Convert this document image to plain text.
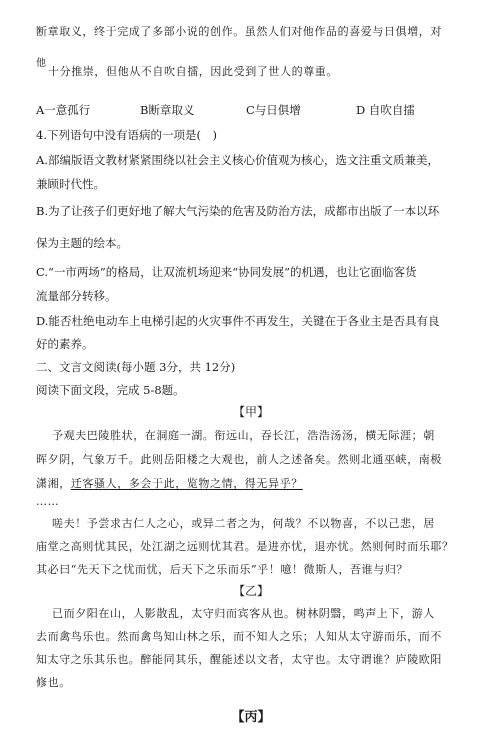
断章取义，终于完成了多部小说的创作。虽然人们对他作品的喜爱与日俱增，对
他
十分推崇，但他从不自吹自擂，因此受到了世人的尊重。
A一意孤行	B断章取义	C与日俱增	D 自吹自擂
4.下列语句中没有语病的一项是(　)
A.部编版语文教材紧紧围绕以社会主义核心价值观为核心，选文注重文质兼美，
兼顾时代性。
B.为了让孩子们更好地了解大气污染的危害及防治方法，成都市出版了一本以环
保为主题的绘本。
C.“一市两场”的格局，让双流机场迎来“协同发展”的机遇，也让它面临客货
流量部分转移。
D.能否杜绝电动车上电梯引起的火灾事件不再发生，关键在于各业主是否具有良
好的素养。
二、文言文阅读(每小题 3分，共 12分)
阅读下面文段，完成 5-8题。
【甲】
予观夫巴陵胜状，在洞庭一湖。衔远山，吞长江，浩浩汤汤，横无际涯；朝
晖夕阴，气象万千。此则岳阳楼之大观也，前人之述备矣。然则北通巫峡，南极
潇湘，迁客骚人，多会于此，览物之情，得无异乎？
……
嗟夫！予尝求古仁人之心，或异二者之为，何哉？不以物喜，不以己悲，居
庙堂之高则忧其民，处江湖之远则忧其君。是进亦忧，退亦忧。然则何时而乐耶？
其必曰“先天下之忧而忧，后天下之乐而乐”乎！噫！微斯人，吾谁与归？
【乙】
已而夕阳在山，人影散乱，太守归而宾客从也。树林阴翳，鸣声上下，游人
去而禽鸟乐也。然而禽鸟知山林之乐，而不知人之乐；人知从太守游而乐，而不
知太守之乐其乐也。醉能同其乐，醒能述以文者，太守也。太守谓谁？庐陵欧阳
修也。
【丙】
